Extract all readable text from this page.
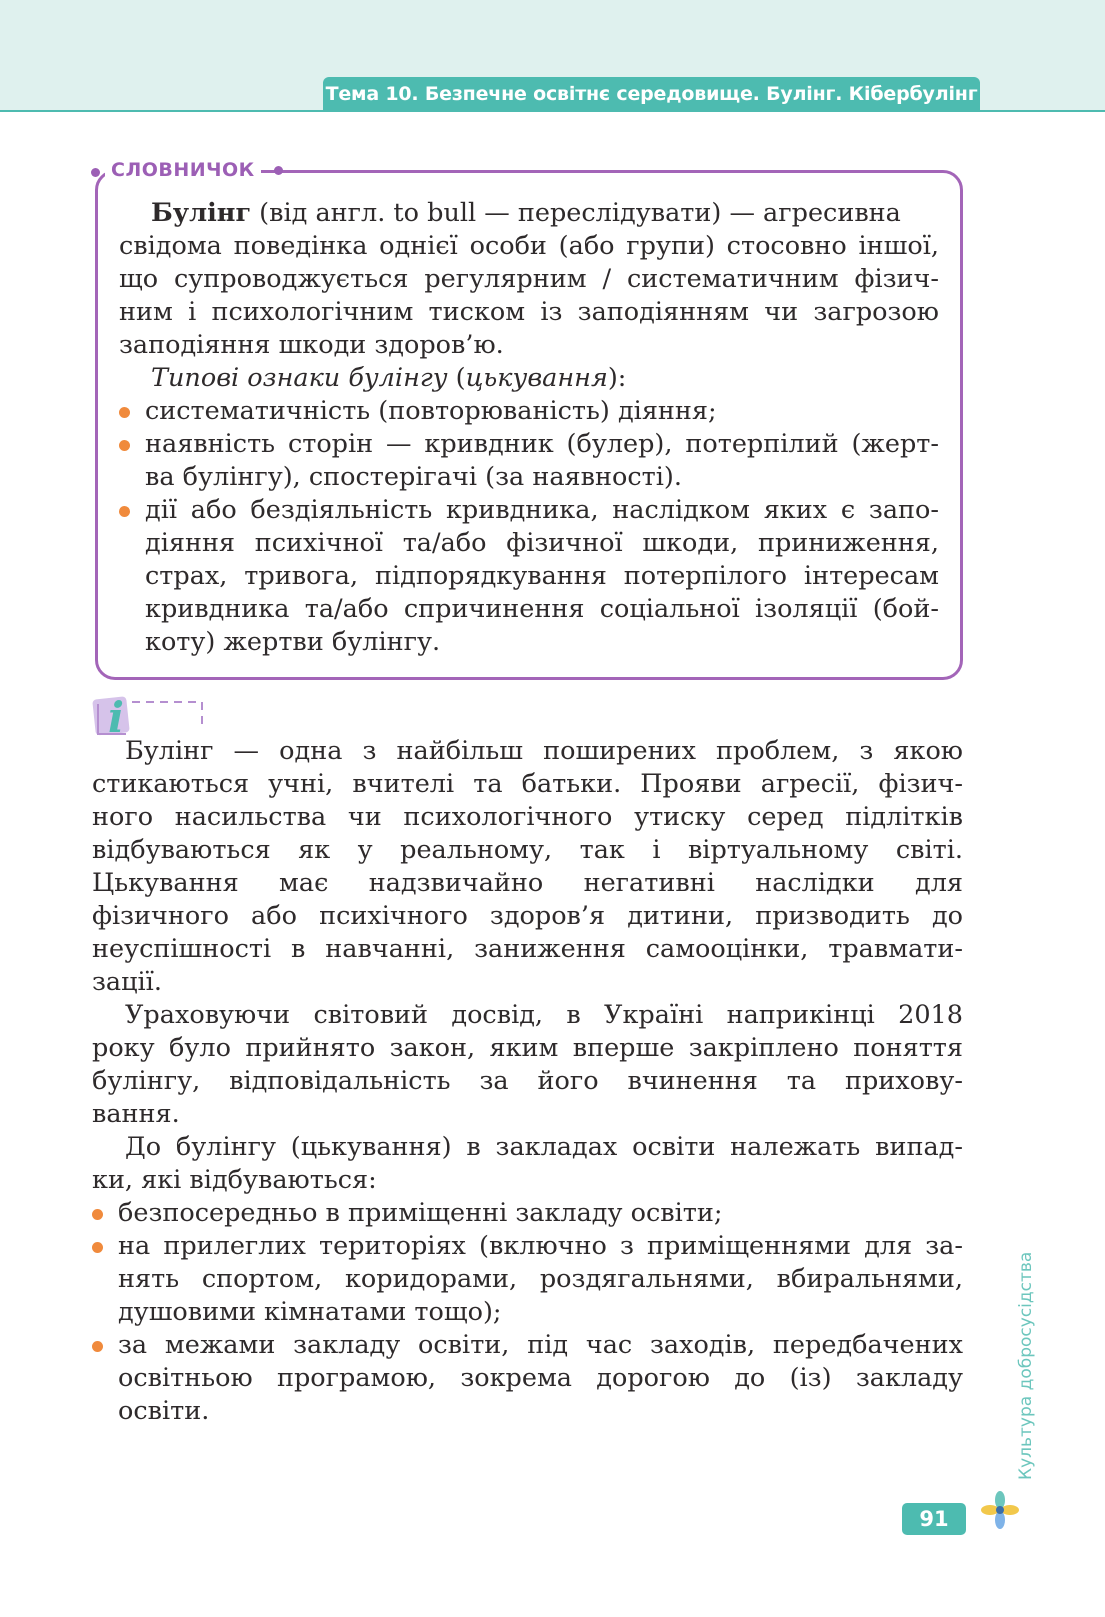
Тема 10. Безпечне освітнє середовище. Булінг. Кібербулінг
СЛОВНИЧОК
Булінг (від англ. to bull — переслідувати) — агресивна
свідома поведінка однієї особи (або групи) стосовно іншої,
що супроводжується регулярним / систематичним фізич-
ним і психологічним тиском із заподіянням чи загрозою
заподіяння шкоди здоров’ю.
Типові ознаки булінгу (цькування):
систематичність (повторюваність) діяння;
наявність сторін — кривдник (булер), потерпілий (жерт-
ва булінгу), спостерігачі (за наявності).
дії або бездіяльність кривдника, наслідком яких є запо-
діяння психічної та/або фізичної шкоди, приниження,
страх, тривога, підпорядкування потерпілого інтересам
кривдника та/або спричинення соціальної ізоляції (бой-
коту) жертви булінгу.
i
Булінг — одна з найбільш поширених проблем, з якою
стикаються учні, вчителі та батьки. Прояви агресії, фізич-
ного насильства чи психологічного утиску серед підлітків
відбуваються як у реальному, так і віртуальному світі.
Цькування має надзвичайно негативні наслідки для
фізичного або психічного здоров’я дитини, призводить до
неуспішності в навчанні, заниження самооцінки, травмати-
зації.
Ураховуючи світовий досвід, в Україні наприкінці 2018
року було прийнято закон, яким вперше закріплено поняття
булінгу, відповідальність за його вчинення та прихову-
вання.
До булінгу (цькування) в закладах освіти належать випад-
ки, які відбуваються:
безпосередньо в приміщенні закладу освіти;
на прилеглих територіях (включно з приміщеннями для за-
нять спортом, коридорами, роздягальнями, вбиральнями,
душовими кімнатами тощо);
за межами закладу освіти, під час заходів, передбачених
освітньою програмою, зокрема дорогою до (із) закладу
освіти.	Культура добросусідства
91
